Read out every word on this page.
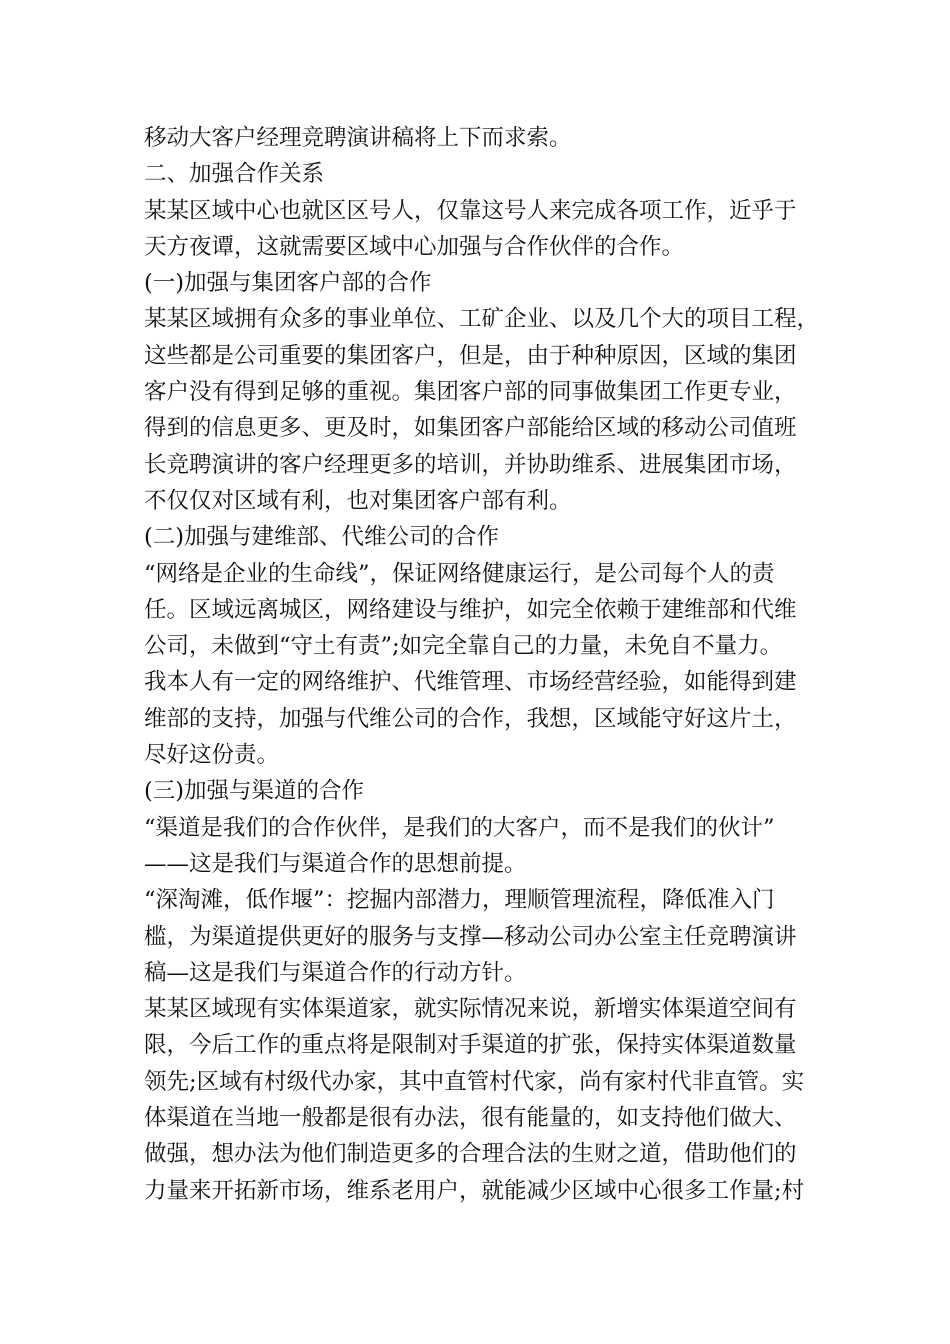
移动大客户经理竞聘演讲稿将上下而求索。
二、加强合作关系
某某区域中心也就区区号人，仅靠这号人来完成各项工作，近乎于
天方夜谭，这就需要区域中心加强与合作伙伴的合作。
(一)加强与集团客户部的合作
某某区域拥有众多的事业单位、工矿企业、以及几个大的项目工程，
这些都是公司重要的集团客户，但是，由于种种原因，区域的集团
客户没有得到足够的重视。集团客户部的同事做集团工作更专业，
得到的信息更多、更及时，如集团客户部能给区域的移动公司值班
长竞聘演讲的客户经理更多的培训，并协助维系、进展集团市场，
不仅仅对区域有利，也对集团客户部有利。
(二)加强与建维部、代维公司的合作
“网络是企业的生命线”，保证网络健康运行，是公司每个人的责
任。区域远离城区，网络建设与维护，如完全依赖于建维部和代维
公司，未做到“守土有责”;如完全靠自己的力量，未免自不量力。
我本人有一定的网络维护、代维管理、市场经营经验，如能得到建
维部的支持，加强与代维公司的合作，我想，区域能守好这片土，
尽好这份责。
(三)加强与渠道的合作
“渠道是我们的合作伙伴，是我们的大客户，而不是我们的伙计”
——这是我们与渠道合作的思想前提。
“深淘滩，低作堰”：挖掘内部潜力，理顺管理流程，降低准入门
槛，为渠道提供更好的服务与支撑—移动公司办公室主任竞聘演讲
稿—这是我们与渠道合作的行动方针。
某某区域现有实体渠道家，就实际情况来说，新增实体渠道空间有
限，今后工作的重点将是限制对手渠道的扩张，保持实体渠道数量
领先;区域有村级代办家，其中直管村代家，尚有家村代非直管。实
体渠道在当地一般都是很有办法，很有能量的，如支持他们做大、
做强，想办法为他们制造更多的合理合法的生财之道，借助他们的
力量来开拓新市场，维系老用户，就能减少区域中心很多工作量;村
